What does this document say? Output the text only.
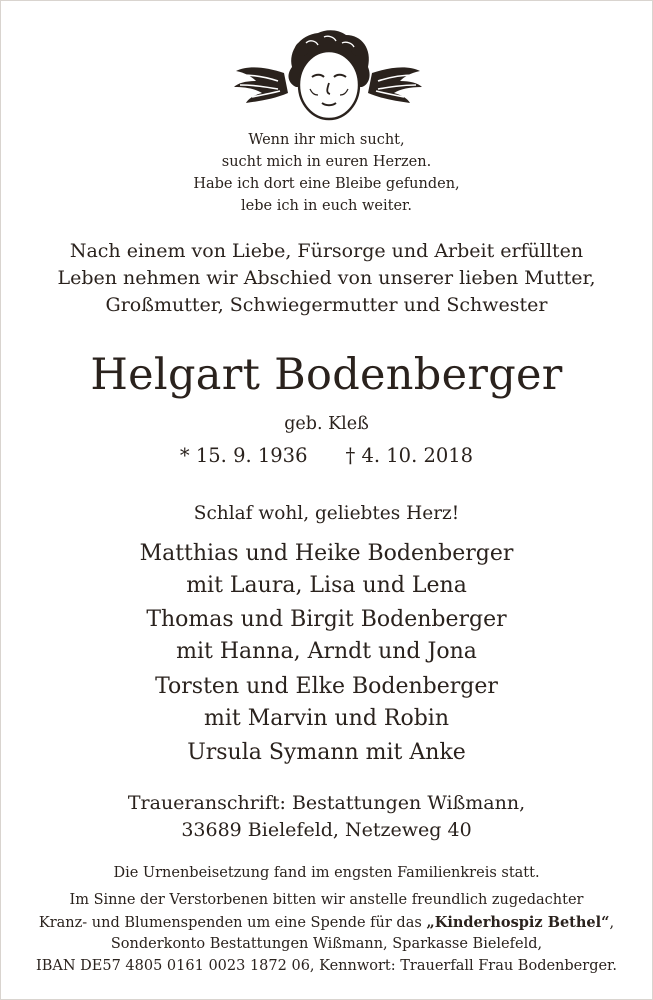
Wenn ihr mich sucht,
sucht mich in euren Herzen.
Habe ich dort eine Bleibe gefunden,
lebe ich in euch weiter.
Nach einem von Liebe, Fürsorge und Arbeit erfüllten
Leben nehmen wir Abschied von unserer lieben Mutter,
Großmutter, Schwiegermutter und Schwester
Helgart Bodenberger
geb. Kleß
* 15. 9. 1936 † 4. 10. 2018
Schlaf wohl, geliebtes Herz!
Matthias und Heike Bodenberger
mit Laura, Lisa und Lena
Thomas und Birgit Bodenberger
mit Hanna, Arndt und Jona
Torsten und Elke Bodenberger
mit Marvin und Robin
Ursula Symann mit Anke
Traueranschrift: Bestattungen Wißmann,
33689 Bielefeld, Netzeweg 40
Die Urnenbeisetzung fand im engsten Familienkreis statt.
Im Sinne der Verstorbenen bitten wir anstelle freundlich zugedachter
Kranz- und Blumenspenden um eine Spende für das „Kinderhospiz Bethel“,
Sonderkonto Bestattungen Wißmann, Sparkasse Bielefeld,
IBAN DE57 4805 0161 0023 1872 06, Kennwort: Trauerfall Frau Bodenberger.
